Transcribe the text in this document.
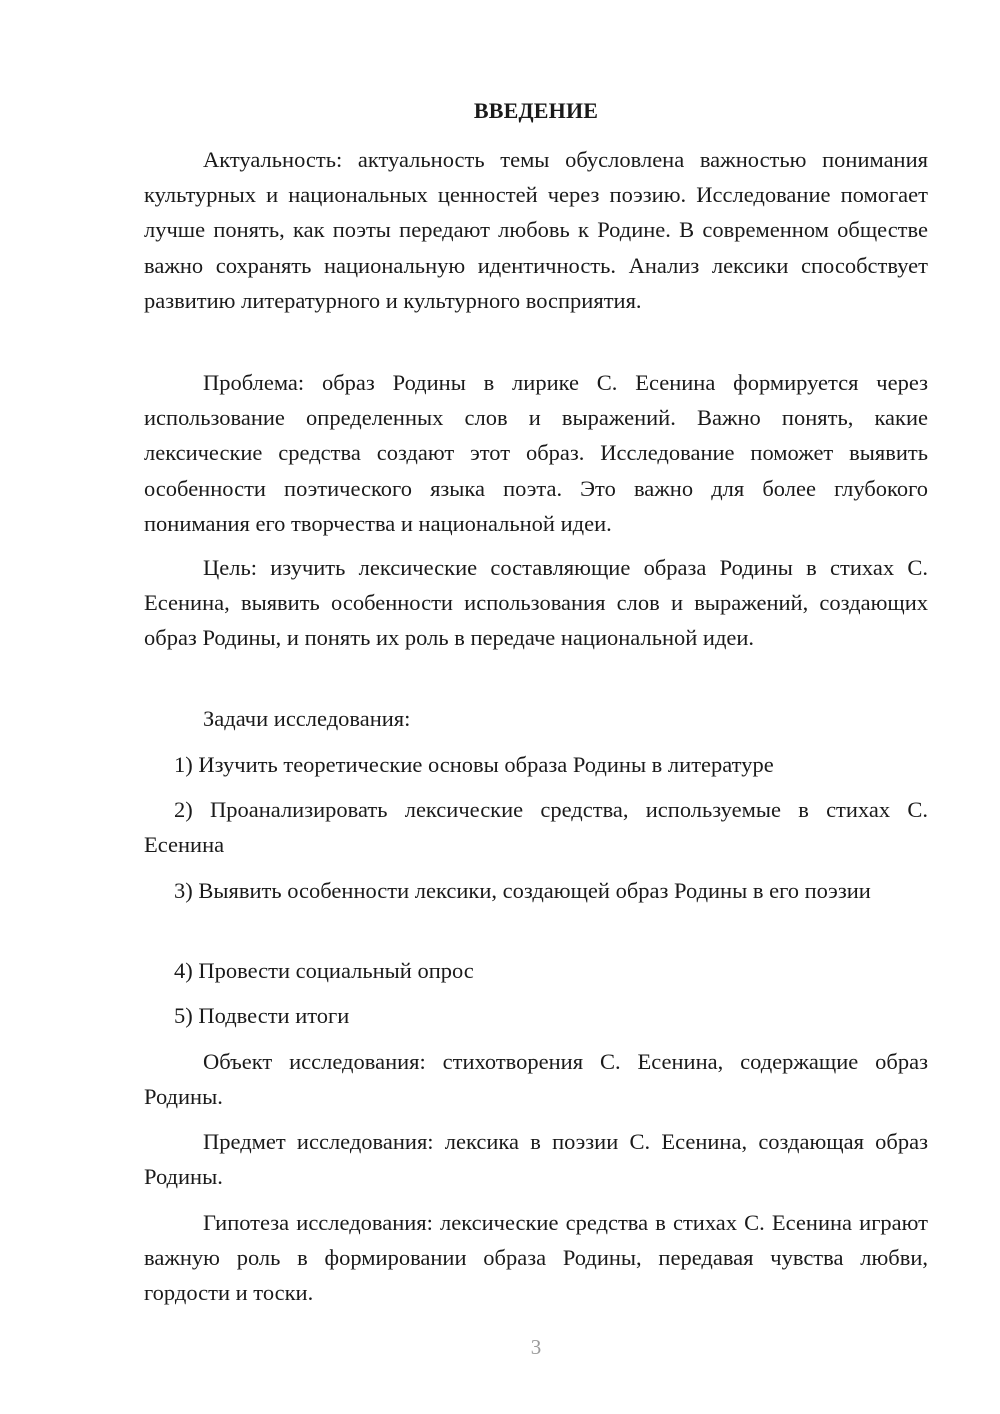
ВВЕДЕНИЕ

Актуальность: актуальность темы обусловлена важностью понимания культурных и национальных ценностей через поэзию. Исследование помогает лучше понять, как поэты передают любовь к Родине. В современном обществе важно сохранять национальную идентичность. Анализ лексики способствует развитию литературного и культурного восприятия.

Проблема: образ Родины в лирике С. Есенина формируется через использование определенных слов и выражений. Важно понять, какие лексические средства создают этот образ. Исследование поможет выявить особенности поэтического языка поэта. Это важно для более глубокого понимания его творчества и национальной идеи.

Цель: изучить лексические составляющие образа Родины в стихах С. Есенина, выявить особенности использования слов и выражений, создающих образ Родины, и понять их роль в передаче национальной идеи.

Задачи исследования:

1) Изучить теоретические основы образа Родины в литературе

2) Проанализировать лексические средства, используемые в стихах С. Есенина

3) Выявить особенности лексики, создающей образ Родины в его поэзии

4) Провести социальный опрос

5) Подвести итоги

Объект исследования: стихотворения С. Есенина, содержащие образ Родины.

Предмет исследования: лексика в поэзии С. Есенина, создающая образ Родины.

Гипотеза исследования: лексические средства в стихах С. Есенина играют важную роль в формировании образа Родины, передавая чувства любви, гордости и тоски.

3
